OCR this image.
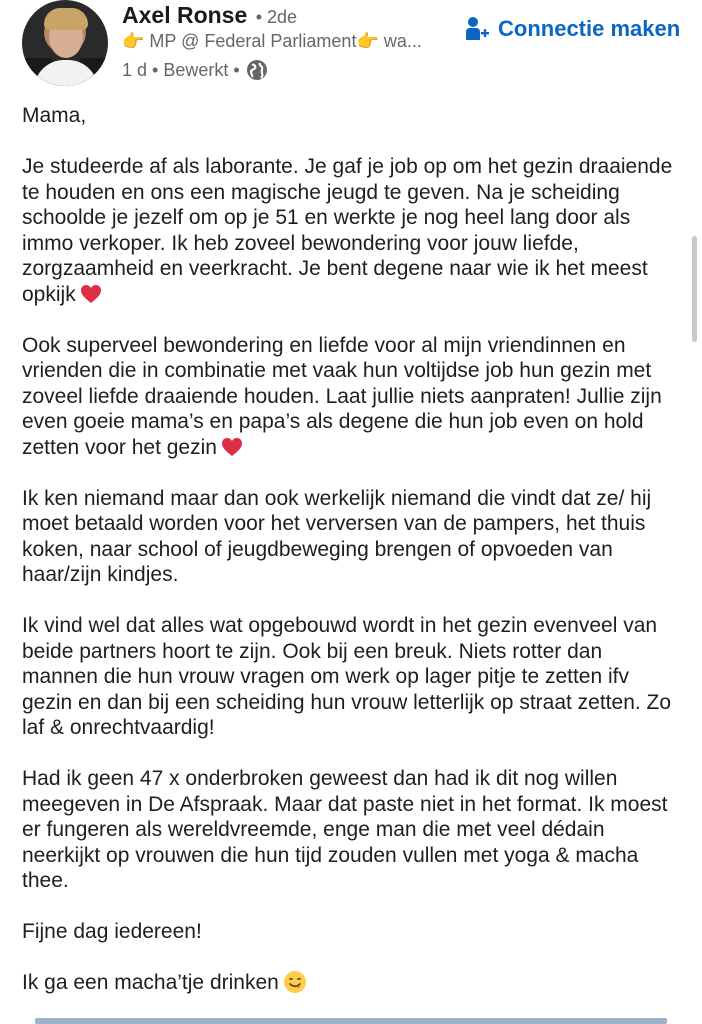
Axel Ronse • 2de
👉 MP @ Federal Parliament👉 wa...
1 d • Bewerkt •
Connectie maken

Mama,

Je studeerde af als laborante. Je gaf je job op om het gezin draaiende te houden en ons een magische jeugd te geven. Na je scheiding schoolde je jezelf om op je 51 en werkte je nog heel lang door als immo verkoper. Ik heb zoveel bewondering voor jouw liefde, zorgzaamheid en veerkracht. Je bent degene naar wie ik het meest opkijk

Ook superveel bewondering en liefde voor al mijn vriendinnen en vrienden die in combinatie met vaak hun voltijdse job hun gezin met zoveel liefde draaiende houden. Laat jullie niets aanpraten! Jullie zijn even goeie mama’s en papa’s als degene die hun job even on hold zetten voor het gezin

Ik ken niemand maar dan ook werkelijk niemand die vindt dat ze/ hij moet betaald worden voor het verversen van de pampers, het thuis koken, naar school of jeugdbeweging brengen of opvoeden van haar/zijn kindjes.

Ik vind wel dat alles wat opgebouwd wordt in het gezin evenveel van beide partners hoort te zijn. Ook bij een breuk. Niets rotter dan mannen die hun vrouw vragen om werk op lager pitje te zetten ifv gezin en dan bij een scheiding hun vrouw letterlijk op straat zetten. Zo laf & onrechtvaardig!

Had ik geen 47 x onderbroken geweest dan had ik dit nog willen meegeven in De Afspraak. Maar dat paste niet in het format. Ik moest er fungeren als wereldvreemde, enge man die met veel dédain neerkijkt op vrouwen die hun tijd zouden vullen met yoga & macha thee.

Fijne dag iedereen!

Ik ga een macha’tje drinken
